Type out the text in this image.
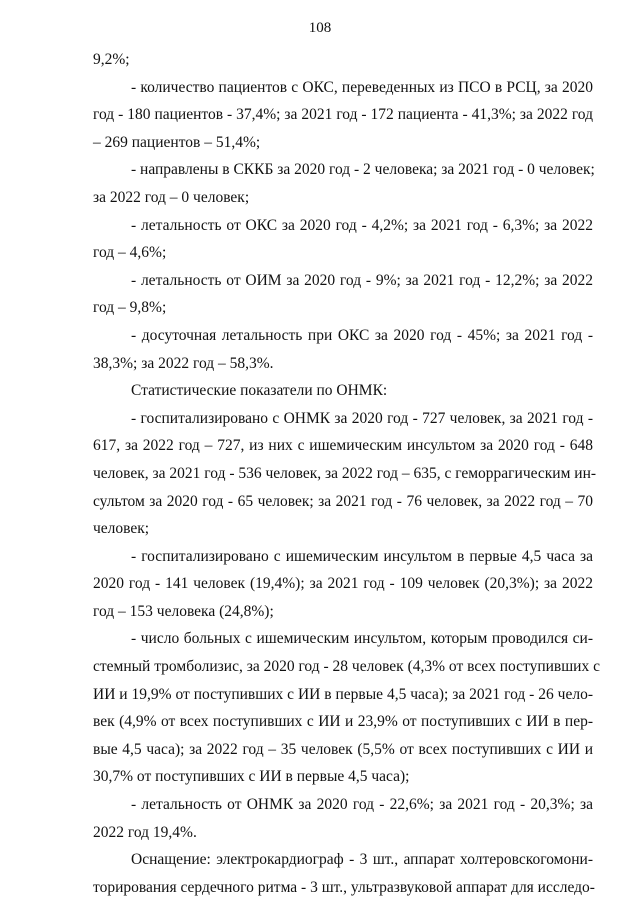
108
9,2%;
- количество пациентов с ОКС, переведенных из ПСО в РСЦ, за 2020
год - 180 пациентов - 37,4%; за 2021 год - 172 пациента - 41,3%; за 2022 год
– 269 пациентов – 51,4%;
- направлены в СККБ за 2020 год - 2 человека; за 2021 год - 0 человек;
за 2022 год – 0 человек;
- летальность от ОКС за 2020 год - 4,2%; за 2021 год - 6,3%; за 2022
год – 4,6%;
- летальность от ОИМ за 2020 год - 9%; за 2021 год - 12,2%; за 2022
год – 9,8%;
- досуточная летальность при ОКС за 2020 год - 45%; за 2021 год -
38,3%; за 2022 год – 58,3%.
Статистические показатели по ОНМК:
- госпитализировано с ОНМК за 2020 год - 727 человек, за 2021 год -
617, за 2022 год – 727, из них с ишемическим инсультом за 2020 год - 648
человек, за 2021 год - 536 человек, за 2022 год – 635, с геморрагическим ин-
сультом за 2020 год - 65 человек; за 2021 год - 76 человек, за 2022 год – 70
человек;
- госпитализировано с ишемическим инсультом в первые 4,5 часа за
2020 год - 141 человек (19,4%); за 2021 год - 109 человек (20,3%); за 2022
год – 153 человека (24,8%);
- число больных с ишемическим инсультом, которым проводился си-
стемный тромболизис, за 2020 год - 28 человек (4,3% от всех поступивших с
ИИ и 19,9% от поступивших с ИИ в первые 4,5 часа); за 2021 год - 26 чело-
век (4,9% от всех поступивших с ИИ и 23,9% от поступивших с ИИ в пер-
вые 4,5 часа); за 2022 год – 35 человек (5,5% от всех поступивших с ИИ и
30,7% от поступивших с ИИ в первые 4,5 часа);
- летальность от ОНМК за 2020 год - 22,6%; за 2021 год - 20,3%; за
2022 год 19,4%.
Оснащение: электрокардиограф - 3 шт., аппарат холтеровскогомони-
торирования сердечного ритма - 3 шт., ультразвуковой аппарат для исследо-
